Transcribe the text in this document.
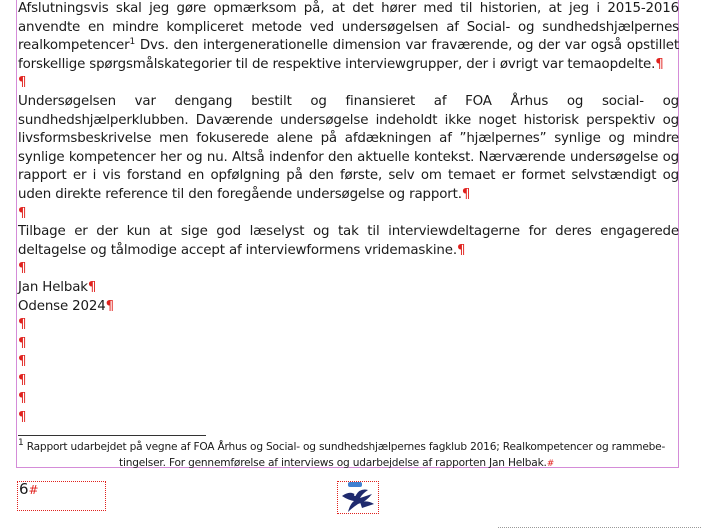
Afslutningsvis skal jeg gøre opmærksom på, at det hører med til historien, at jeg i 2015-2016 anvendte en mindre kompliceret metode ved undersøgelsen af Social- og sundhedshjælpernes realkompetencer$^1$ Dvs. den intergenerationelle dimension var fraværende, og der var også opstillet forskellige spørgsmålskategorier til de respektive interviewgrupper, der i øvrigt var temaopdelte.¶

¶

Undersøgelsen var dengang bestilt og finansieret af FOA Århus og social- og sundhedshjælperklubben. Daværende undersøgelse indeholdt ikke noget historisk perspektiv og livsformsbeskrivelse men fokuserede alene på afdækningen af ”hjælpernes” synlige og mindre synlige kompetencer her og nu. Altså indenfor den aktuelle kontekst. Nærværende undersøgelse og rapport er i vis forstand en opfølgning på den første, selv om temaet er formet selvstændigt og uden direkte reference til den foregående undersøgelse og rapport.¶

¶

Tilbage er der kun at sige god læselyst og tak til interviewdeltagerne for deres engagerede deltagelse og tålmodige accept af interviewformens vridemaskine.¶

¶

Jan Helbak¶

Odense 2024¶

¶

¶

¶

¶

¶

¶

$^1$ Rapport udarbejdet på vegne af FOA Århus og Social- og sundhedshjælpernes fagklub 2016; Realkompetencer og rammebe-
tingelser. For gennemførelse af interviews og udarbejdelse af rapporten Jan Helbak.#
6#
